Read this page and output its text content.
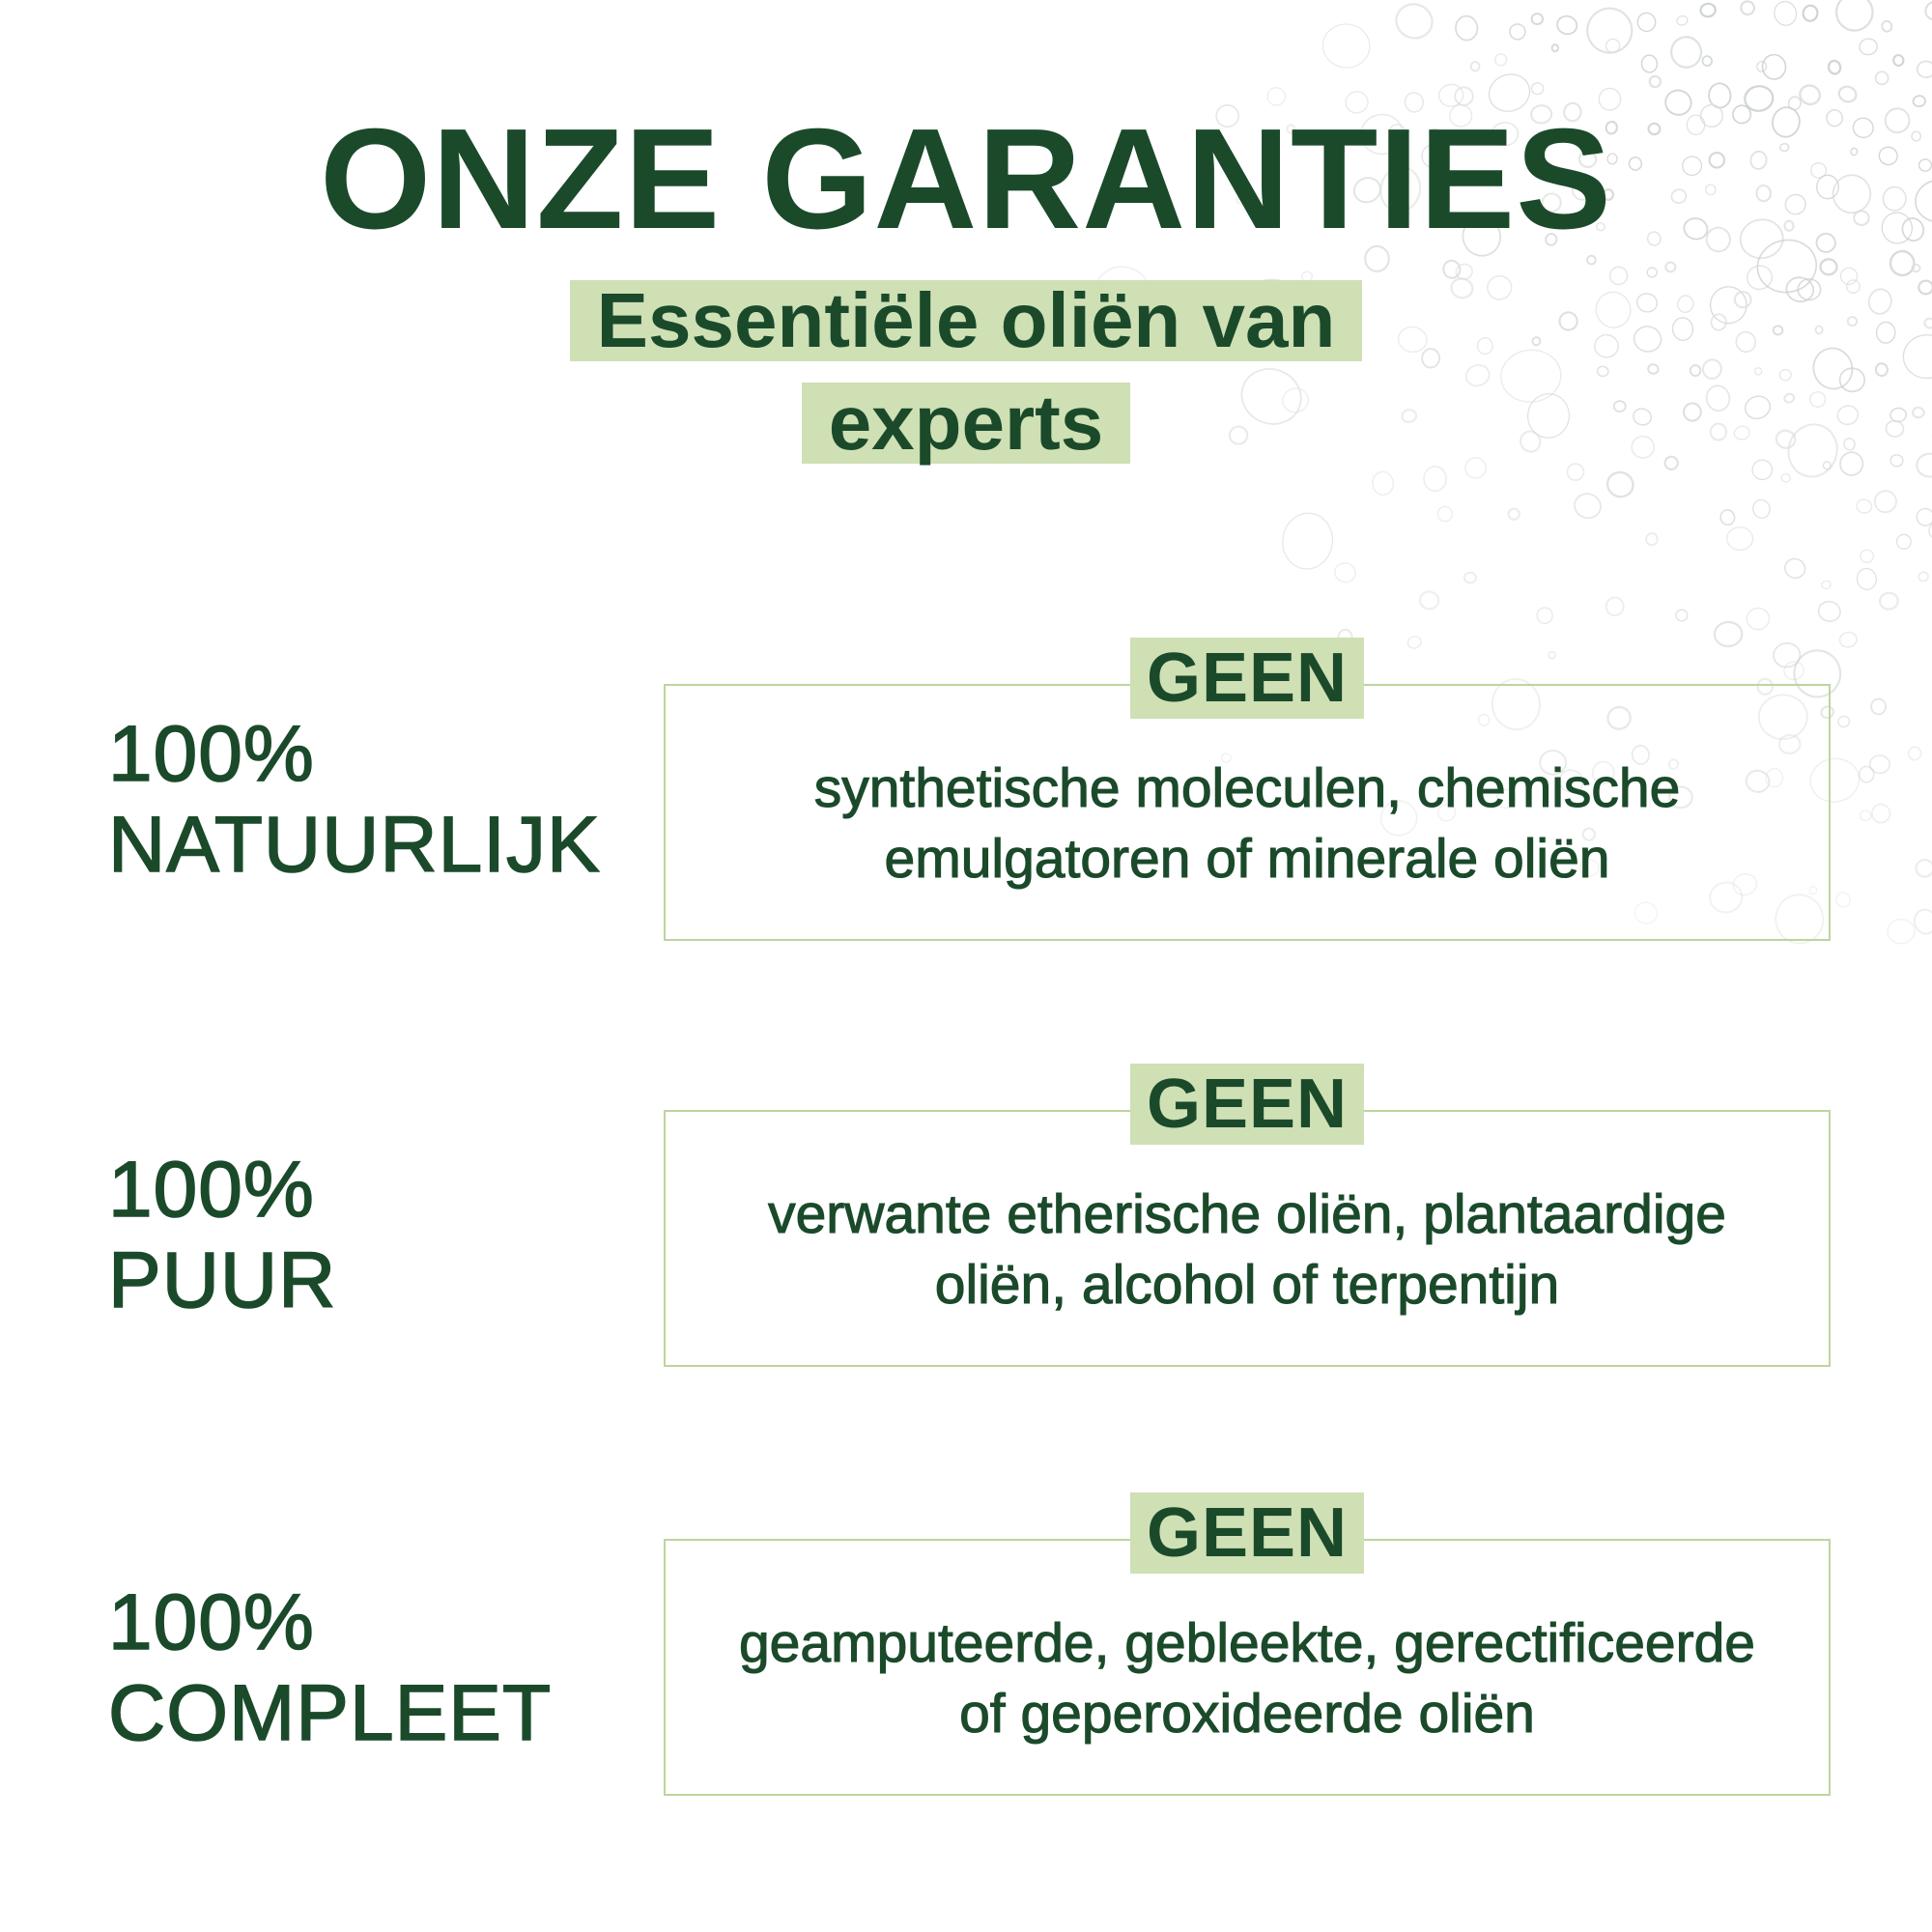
ONZE GARANTIES
Essentiële oliën van
experts
100%
NATUURLIJK
GEEN
synthetische moleculen, chemische
emulgatoren of minerale oliën
100%
PUUR
GEEN
verwante etherische oliën, plantaardige
oliën, alcohol of terpentijn
100%
COMPLEET
GEEN
geamputeerde, gebleekte, gerectificeerde
of geperoxideerde oliën
